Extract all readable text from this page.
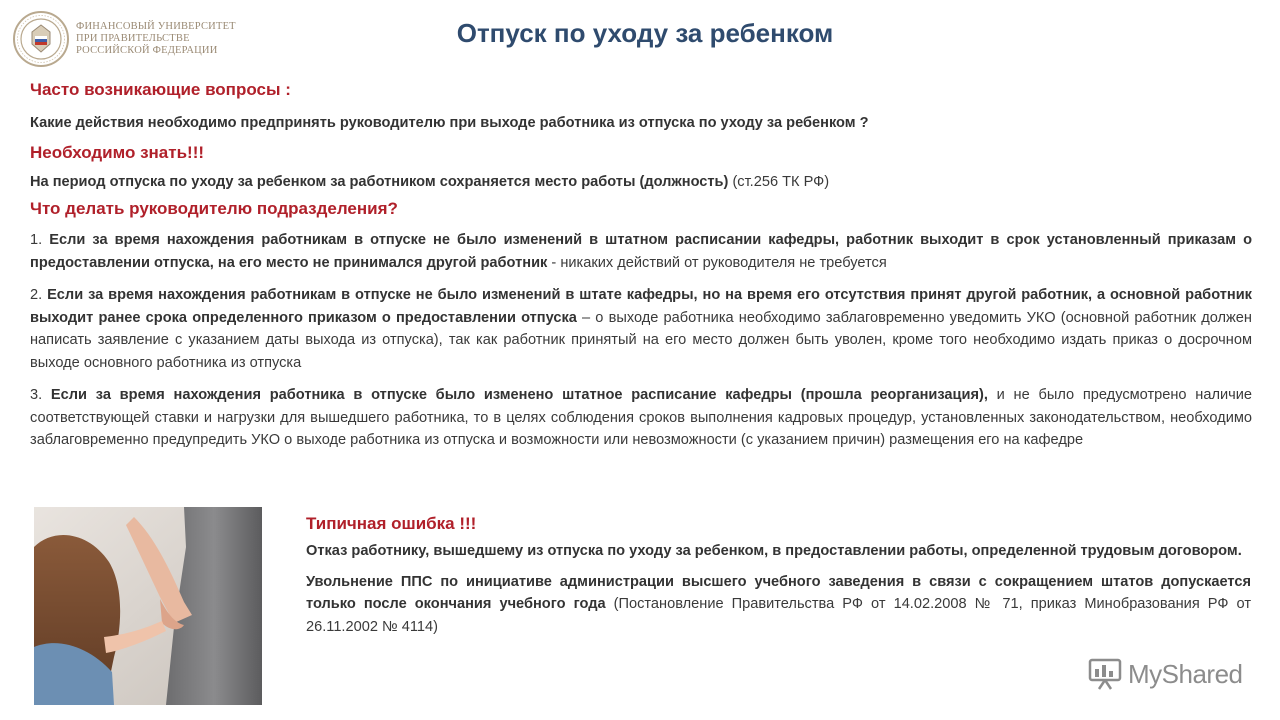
ФИНАНСОВЫЙ УНИВЕРСИТЕТ
ПРИ ПРАВИТЕЛЬСТВЕ
РОССИЙСКОЙ ФЕДЕРАЦИИ
Отпуск по уходу за ребенком
Часто возникающие вопросы :

Какие действия необходимо предпринять руководителю при выходе работника из отпуска по уходу за ребенком ?

Необходимо знать!!!

На период отпуска по уходу за ребенком за работником сохраняется место работы (должность) (ст.256 ТК РФ)

Что делать руководителю подразделения?

1. Если за время нахождения работникам в отпуске не было изменений в штатном расписании кафедры, работник выходит в срок установленный приказам о предоставлении отпуска, на его место не принимался другой работник - никаких действий от руководителя не требуется

2. Если за время нахождения работникам в отпуске не было изменений в штате кафедры, но на время его отсутствия принят другой работник, а основной работник выходит ранее срока определенного приказом о предоставлении отпуска – о выходе работника необходимо заблаговременно уведомить УКО (основной работник должен написать заявление с указанием даты выхода из отпуска), так как работник принятый на его место должен быть уволен, кроме того необходимо издать приказ о досрочном выходе основного работника из отпуска

3. Если за время нахождения работника в отпуске было изменено штатное расписание кафедры (прошла реорганизация), и не было предусмотрено наличие соответствующей ставки и нагрузки для вышедшего работника, то в целях соблюдения сроков выполнения кадровых процедур, установленных законодательством, необходимо заблаговременно предупредить УКО о выходе работника из отпуска и возможности или невозможности (с указанием причин) размещения его на кафедре

Типичная ошибка !!!

Отказ работнику, вышедшему из отпуска по уходу за ребенком, в предоставлении работы, определенной трудовым договором.

Увольнение ППС по инициативе администрации высшего учебного заведения в связи с сокращением штатов допускается только после окончания учебного года (Постановление Правительства РФ от 14.02.2008 № 71, приказ Минобразования РФ от 26.11.2002 № 4114)

MyShared
